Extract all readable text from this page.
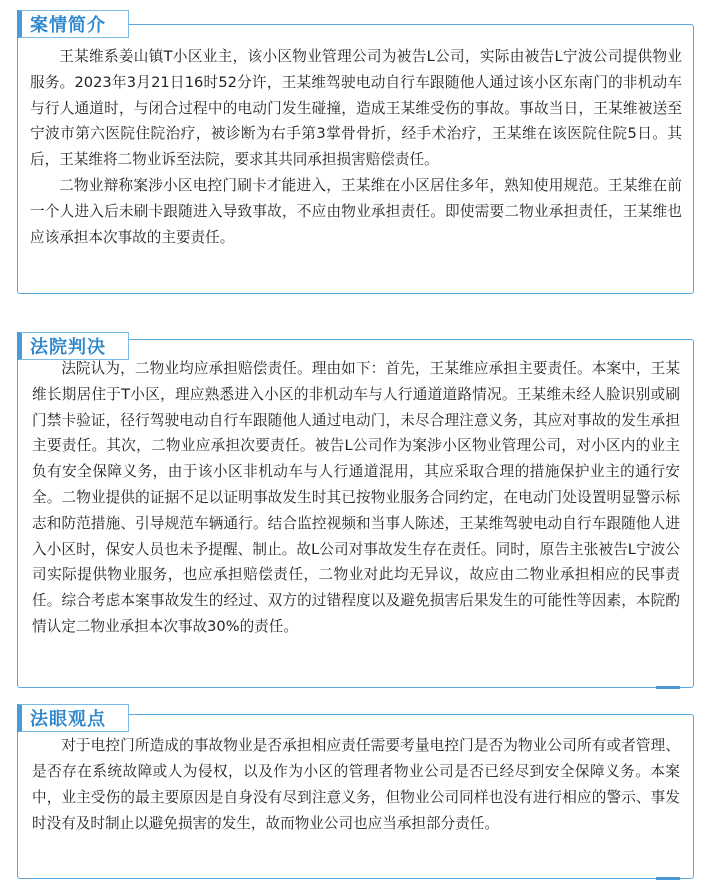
案情简介

王某维系姜山镇T小区业主，该小区物业管理公司为被告L公司，实际由被告L宁波公司提供物业服务。2023年3月21日16时52分许，王某维驾驶电动自行车跟随他人通过该小区东南门的非机动车与行人通道时，与闭合过程中的电动门发生碰撞，造成王某维受伤的事故。事故当日，王某维被送至宁波市第六医院住院治疗，被诊断为右手第3掌骨骨折，经手术治疗，王某维在该医院住院5日。其后，王某维将二物业诉至法院，要求其共同承担损害赔偿责任。

二物业辩称案涉小区电控门刷卡才能进入，王某维在小区居住多年，熟知使用规范。王某维在前一个人进入后未刷卡跟随进入导致事故，不应由物业承担责任。即使需要二物业承担责任，王某维也应该承担本次事故的主要责任。

法院判决

法院认为，二物业均应承担赔偿责任。理由如下：首先，王某维应承担主要责任。本案中，王某维长期居住于T小区，理应熟悉进入小区的非机动车与人行通道道路情况。王某维未经人脸识别或刷门禁卡验证，径行驾驶电动自行车跟随他人通过电动门，未尽合理注意义务，其应对事故的发生承担主要责任。其次，二物业应承担次要责任。被告L公司作为案涉小区物业管理公司，对小区内的业主负有安全保障义务，由于该小区非机动车与人行通道混用，其应采取合理的措施保护业主的通行安全。二物业提供的证据不足以证明事故发生时其已按物业服务合同约定，在电动门处设置明显警示标志和防范措施、引导规范车辆通行。结合监控视频和当事人陈述，王某维驾驶电动自行车跟随他人进入小区时，保安人员也未予提醒、制止。故L公司对事故发生存在责任。同时，原告主张被告L宁波公司实际提供物业服务，也应承担赔偿责任，二物业对此均无异议，故应由二物业承担相应的民事责任。综合考虑本案事故发生的经过、双方的过错程度以及避免损害后果发生的可能性等因素，本院酌情认定二物业承担本次事故30%的责任。

法眼观点

对于电控门所造成的事故物业是否承担相应责任需要考量电控门是否为物业公司所有或者管理、是否存在系统故障或人为侵权，以及作为小区的管理者物业公司是否已经尽到安全保障义务。本案中，业主受伤的最主要原因是自身没有尽到注意义务，但物业公司同样也没有进行相应的警示、事发时没有及时制止以避免损害的发生，故而物业公司也应当承担部分责任。
